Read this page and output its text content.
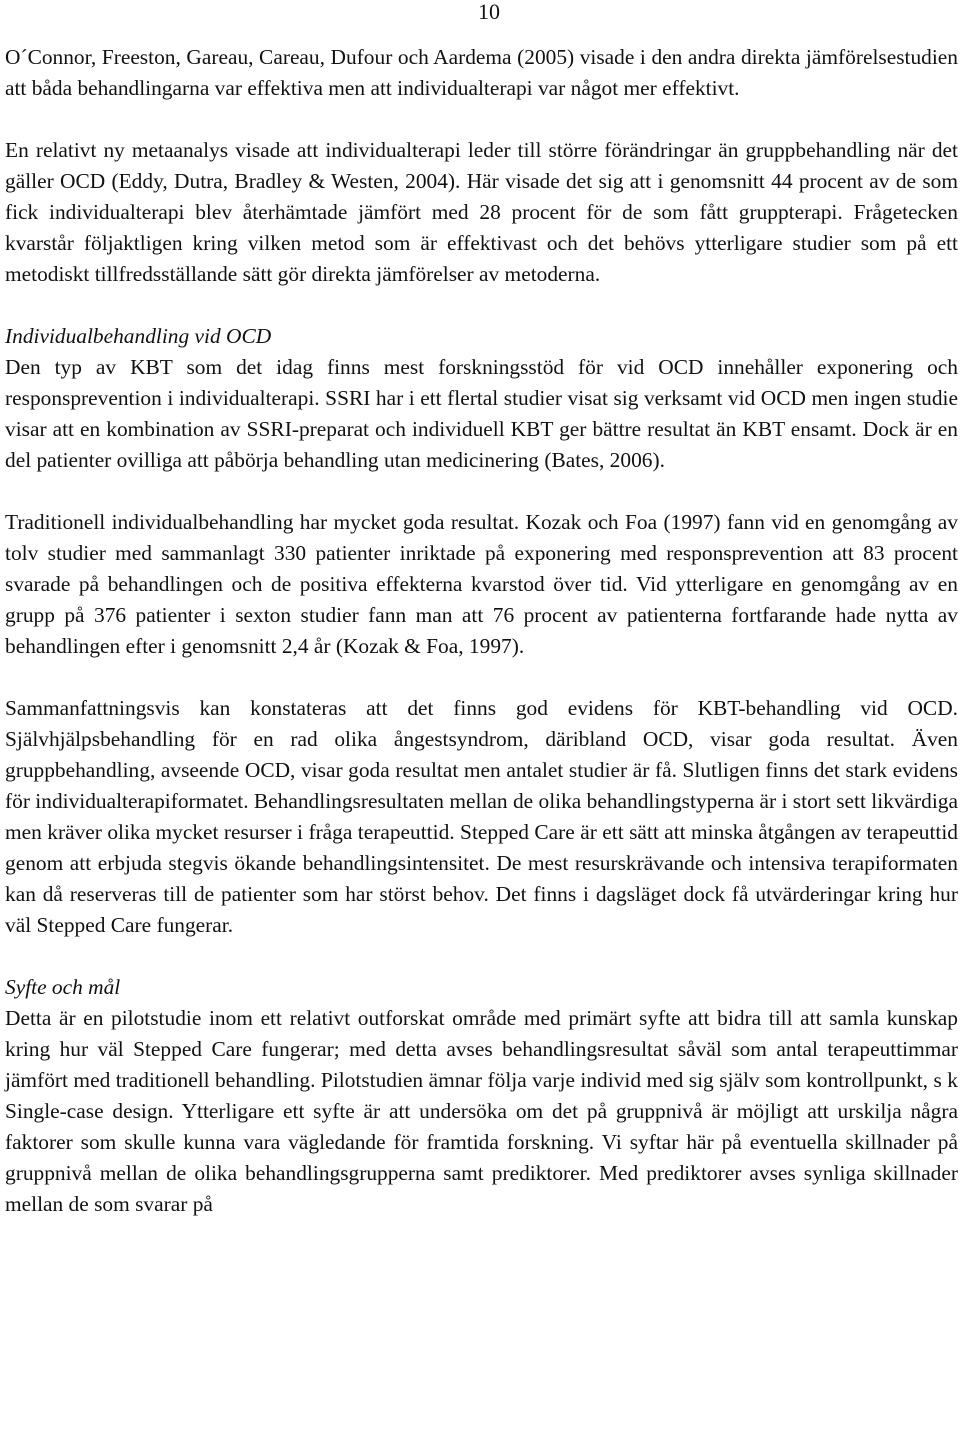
10

O´Connor, Freeston, Gareau, Careau, Dufour och Aardema (2005) visade i den andra direkta jämförelsestudien att båda behandlingarna var effektiva men att individualterapi var något mer effektivt.

En relativt ny metaanalys visade att individualterapi leder till större förändringar än gruppbehandling när det gäller OCD (Eddy, Dutra, Bradley & Westen, 2004). Här visade det sig att i genomsnitt 44 procent av de som fick individualterapi blev återhämtade jämfört med 28 procent för de som fått gruppterapi. Frågetecken kvarstår följaktligen kring vilken metod som är effektivast och det behövs ytterligare studier som på ett metodiskt tillfredsställande sätt gör direkta jämförelser av metoderna.

Individualbehandling vid OCD

Den typ av KBT som det idag finns mest forskningsstöd för vid OCD innehåller exponering och responsprevention i individualterapi. SSRI har i ett flertal studier visat sig verksamt vid OCD men ingen studie visar att en kombination av SSRI-preparat och individuell KBT ger bättre resultat än KBT ensamt. Dock är en del patienter ovilliga att påbörja behandling utan medicinering (Bates, 2006).

Traditionell individualbehandling har mycket goda resultat. Kozak och Foa (1997) fann vid en genomgång av tolv studier med sammanlagt 330 patienter inriktade på exponering med responsprevention att 83 procent svarade på behandlingen och de positiva effekterna kvarstod över tid. Vid ytterligare en genomgång av en grupp på 376 patienter i sexton studier fann man att 76 procent av patienterna fortfarande hade nytta av behandlingen efter i genomsnitt 2,4 år (Kozak & Foa, 1997).

Sammanfattningsvis kan konstateras att det finns god evidens för KBT-behandling vid OCD. Självhjälpsbehandling för en rad olika ångestsyndrom, däribland OCD, visar goda resultat. Även gruppbehandling, avseende OCD, visar goda resultat men antalet studier är få. Slutligen finns det stark evidens för individualterapiformatet. Behandlingsresultaten mellan de olika behandlingstyperna är i stort sett likvärdiga men kräver olika mycket resurser i fråga terapeuttid. Stepped Care är ett sätt att minska åtgången av terapeuttid genom att erbjuda stegvis ökande behandlingsintensitet. De mest resurskrävande och intensiva terapiformaten kan då reserveras till de patienter som har störst behov. Det finns i dagsläget dock få utvärderingar kring hur väl Stepped Care fungerar.

Syfte och mål

Detta är en pilotstudie inom ett relativt outforskat område med primärt syfte att bidra till att samla kunskap kring hur väl Stepped Care fungerar; med detta avses behandlingsresultat såväl som antal terapeuttimmar jämfört med traditionell behandling. Pilotstudien ämnar följa varje individ med sig själv som kontrollpunkt, s k Single-case design. Ytterligare ett syfte är att undersöka om det på gruppnivå är möjligt att urskilja några faktorer som skulle kunna vara vägledande för framtida forskning. Vi syftar här på eventuella skillnader på gruppnivå mellan de olika behandlingsgrupperna samt prediktorer. Med prediktorer avses synliga skillnader mellan de som svarar på
